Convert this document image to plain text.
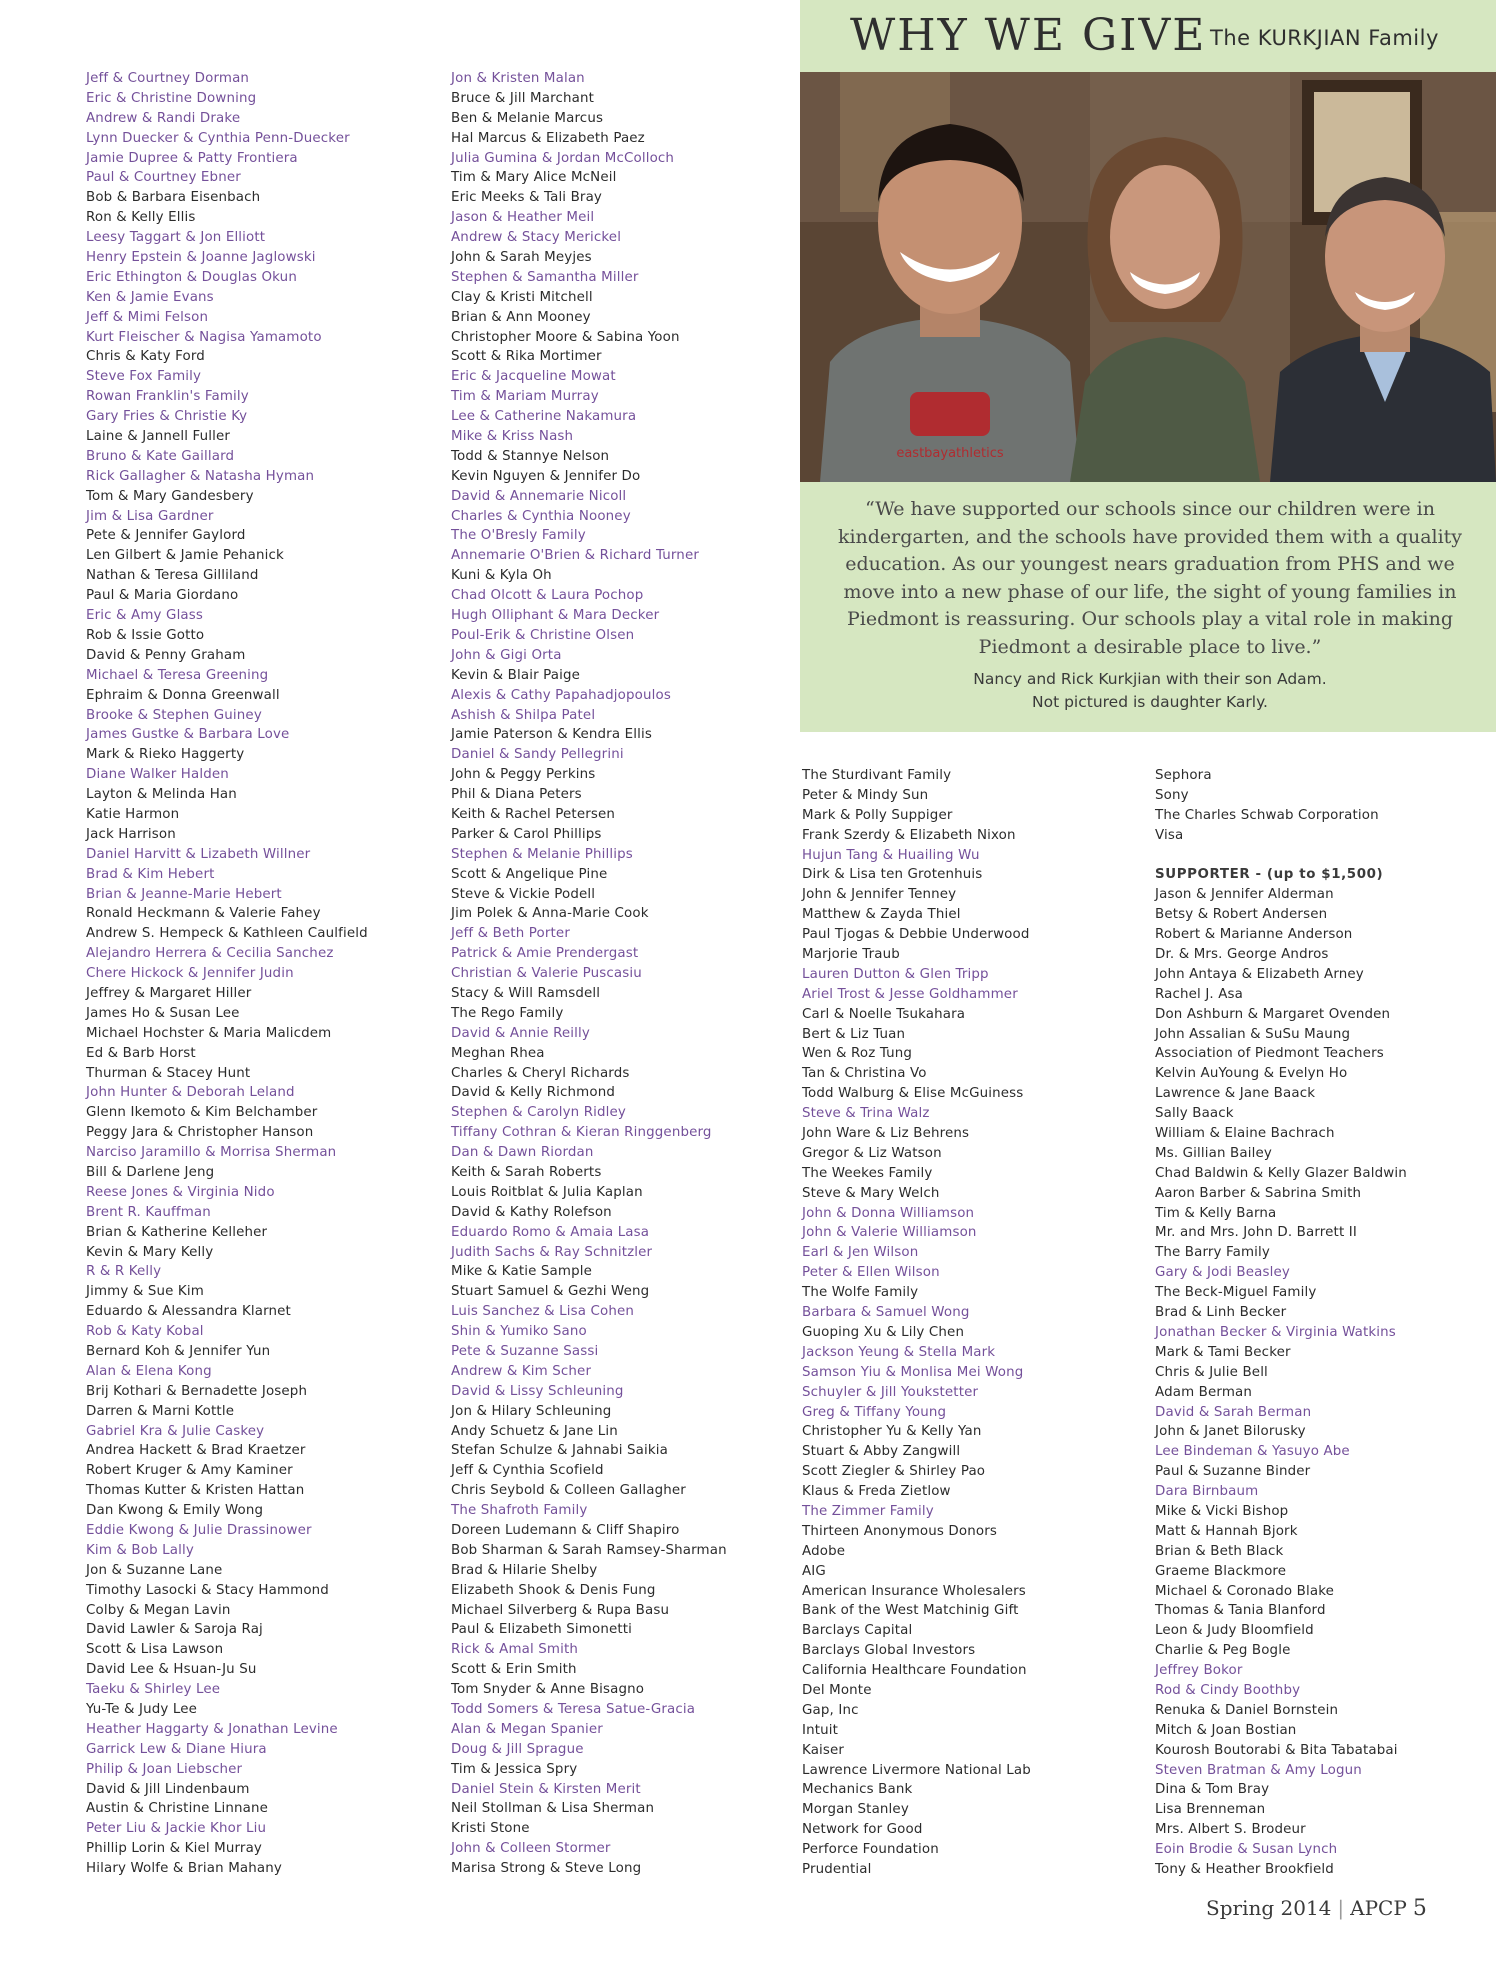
Jeff & Courtney Dorman
Eric & Christine Downing
Andrew & Randi Drake
Lynn Duecker & Cynthia Penn-Duecker
Jamie Dupree & Patty Frontiera
Paul & Courtney Ebner
Bob & Barbara Eisenbach
Ron & Kelly Ellis
Leesy Taggart & Jon Elliott
Henry Epstein & Joanne Jaglowski
Eric Ethington & Douglas Okun
Ken & Jamie Evans
Jeff & Mimi Felson
Kurt Fleischer & Nagisa Yamamoto
Chris & Katy Ford
Steve Fox Family
Rowan Franklin's Family
Gary Fries & Christie Ky
Laine & Jannell Fuller
Bruno & Kate Gaillard
Rick Gallagher & Natasha Hyman
Tom & Mary Gandesbery
Jim & Lisa Gardner
Pete & Jennifer Gaylord
Len Gilbert & Jamie Pehanick
Nathan & Teresa Gilliland
Paul & Maria Giordano
Eric & Amy Glass
Rob & Issie Gotto
David & Penny Graham
Michael & Teresa Greening
Ephraim & Donna Greenwall
Brooke & Stephen Guiney
James Gustke & Barbara Love
Mark & Rieko Haggerty
Diane Walker Halden
Layton & Melinda Han
Katie Harmon
Jack Harrison
Daniel Harvitt & Lizabeth Willner
Brad & Kim Hebert
Brian & Jeanne-Marie Hebert
Ronald Heckmann & Valerie Fahey
Andrew S. Hempeck & Kathleen Caulfield
Alejandro Herrera & Cecilia Sanchez
Chere Hickock & Jennifer Judin
Jeffrey & Margaret Hiller
James Ho & Susan Lee
Michael Hochster & Maria Malicdem
Ed & Barb Horst
Thurman & Stacey Hunt
John Hunter & Deborah Leland
Glenn Ikemoto & Kim Belchamber
Peggy Jara & Christopher Hanson
Narciso Jaramillo & Morrisa Sherman
Bill & Darlene Jeng
Reese Jones & Virginia Nido
Brent R. Kauffman
Brian & Katherine Kelleher
Kevin & Mary Kelly
R & R Kelly
Jimmy & Sue Kim
Eduardo & Alessandra Klarnet
Rob & Katy Kobal
Bernard Koh & Jennifer Yun
Alan & Elena Kong
Brij Kothari & Bernadette Joseph
Darren & Marni Kottle
Gabriel Kra & Julie Caskey
Andrea Hackett & Brad Kraetzer
Robert Kruger & Amy Kaminer
Thomas Kutter & Kristen Hattan
Dan Kwong & Emily Wong
Eddie Kwong & Julie Drassinower
Kim & Bob Lally
Jon & Suzanne Lane
Timothy Lasocki & Stacy Hammond
Colby & Megan Lavin
David Lawler & Saroja Raj
Scott & Lisa Lawson
David Lee & Hsuan-Ju Su
Taeku & Shirley Lee
Yu-Te & Judy Lee
Heather Haggarty & Jonathan Levine
Garrick Lew & Diane Hiura
Philip & Joan Liebscher
David & Jill Lindenbaum
Austin & Christine Linnane
Peter Liu & Jackie Khor Liu
Phillip Lorin & Kiel Murray
Hilary Wolfe & Brian Mahany
Jon & Kristen Malan
Bruce & Jill Marchant
Ben & Melanie Marcus
Hal Marcus & Elizabeth Paez
Julia Gumina & Jordan McColloch
Tim & Mary Alice McNeil
Eric Meeks & Tali Bray
Jason & Heather Meil
Andrew & Stacy Merickel
John & Sarah Meyjes
Stephen & Samantha Miller
Clay & Kristi Mitchell
Brian & Ann Mooney
Christopher Moore & Sabina Yoon
Scott & Rika Mortimer
Eric & Jacqueline Mowat
Tim & Mariam Murray
Lee & Catherine Nakamura
Mike & Kriss Nash
Todd & Stannye Nelson
Kevin Nguyen & Jennifer Do
David & Annemarie Nicoll
Charles & Cynthia Nooney
The O'Bresly Family
Annemarie O'Brien & Richard Turner
Kuni & Kyla Oh
Chad Olcott & Laura Pochop
Hugh Olliphant & Mara Decker
Poul-Erik & Christine Olsen
John & Gigi Orta
Kevin & Blair Paige
Alexis & Cathy Papahadjopoulos
Ashish & Shilpa Patel
Jamie Paterson & Kendra Ellis
Daniel & Sandy Pellegrini
John & Peggy Perkins
Phil & Diana Peters
Keith & Rachel Petersen
Parker & Carol Phillips
Stephen & Melanie Phillips
Scott & Angelique Pine
Steve & Vickie Podell
Jim Polek & Anna-Marie Cook
Jeff & Beth Porter
Patrick & Amie Prendergast
Christian & Valerie Puscasiu
Stacy & Will Ramsdell
The Rego Family
David & Annie Reilly
Meghan Rhea
Charles & Cheryl Richards
David & Kelly Richmond
Stephen & Carolyn Ridley
Tiffany Cothran & Kieran Ringgenberg
Dan & Dawn Riordan
Keith & Sarah Roberts
Louis Roitblat & Julia Kaplan
David & Kathy Rolefson
Eduardo Romo & Amaia Lasa
Judith Sachs & Ray Schnitzler
Mike & Katie Sample
Stuart Samuel & Gezhi Weng
Luis Sanchez & Lisa Cohen
Shin & Yumiko Sano
Pete & Suzanne Sassi
Andrew & Kim Scher
David & Lissy Schleuning
Jon & Hilary Schleuning
Andy Schuetz & Jane Lin
Stefan Schulze & Jahnabi Saikia
Jeff & Cynthia Scofield
Chris Seybold & Colleen Gallagher
The Shafroth Family
Doreen Ludemann & Cliff Shapiro
Bob Sharman & Sarah Ramsey-Sharman
Brad & Hilarie Shelby
Elizabeth Shook & Denis Fung
Michael Silverberg & Rupa Basu
Paul & Elizabeth Simonetti
Rick & Amal Smith
Scott & Erin Smith
Tom Snyder & Anne Bisagno
Todd Somers & Teresa Satue-Gracia
Alan & Megan Spanier
Doug & Jill Sprague
Tim & Jessica Spry
Daniel Stein & Kirsten Merit
Neil Stollman & Lisa Sherman
Kristi Stone
John & Colleen Stormer
Marisa Strong & Steve Long
WHY WE GIVE The KURKJIAN Family
eastbayathletics

“We have supported our schools since our children were in kindergarten, and the schools have provided them with a quality education. As our youngest nears graduation from PHS and we move into a new phase of our life, the sight of young families in Piedmont is reassuring. Our schools play a vital role in making Piedmont a desirable place to live.”

Nancy and Rick Kurkjian with their son Adam.
Not pictured is daughter Karly.
The Sturdivant Family
Peter & Mindy Sun
Mark & Polly Suppiger
Frank Szerdy & Elizabeth Nixon
Hujun Tang & Huailing Wu
Dirk & Lisa ten Grotenhuis
John & Jennifer Tenney
Matthew & Zayda Thiel
Paul Tjogas & Debbie Underwood
Marjorie Traub
Lauren Dutton & Glen Tripp
Ariel Trost & Jesse Goldhammer
Carl & Noelle Tsukahara
Bert & Liz Tuan
Wen & Roz Tung
Tan & Christina Vo
Todd Walburg & Elise McGuiness
Steve & Trina Walz
John Ware & Liz Behrens
Gregor & Liz Watson
The Weekes Family
Steve & Mary Welch
John & Donna Williamson
John & Valerie Williamson
Earl & Jen Wilson
Peter & Ellen Wilson
The Wolfe Family
Barbara & Samuel Wong
Guoping Xu & Lily Chen
Jackson Yeung & Stella Mark
Samson Yiu & Monlisa Mei Wong
Schuyler & Jill Youkstetter
Greg & Tiffany Young
Christopher Yu & Kelly Yan
Stuart & Abby Zangwill
Scott Ziegler & Shirley Pao
Klaus & Freda Zietlow
The Zimmer Family
Thirteen Anonymous Donors
Adobe
AIG
American Insurance Wholesalers
Bank of the West Matchinig Gift
Barclays Capital
Barclays Global Investors
California Healthcare Foundation
Del Monte
Gap, Inc
Intuit
Kaiser
Lawrence Livermore National Lab
Mechanics Bank
Morgan Stanley
Network for Good
Perforce Foundation
Prudential
Sephora
Sony
The Charles Schwab Corporation
Visa
SUPPORTER - (up to $1,500)
Jason & Jennifer Alderman
Betsy & Robert Andersen
Robert & Marianne Anderson
Dr. & Mrs. George Andros
John Antaya & Elizabeth Arney
Rachel J. Asa
Don Ashburn & Margaret Ovenden
John Assalian & SuSu Maung
Association of Piedmont Teachers
Kelvin AuYoung & Evelyn Ho
Lawrence & Jane Baack
Sally Baack
William & Elaine Bachrach
Ms. Gillian Bailey
Chad Baldwin & Kelly Glazer Baldwin
Aaron Barber & Sabrina Smith
Tim & Kelly Barna
Mr. and Mrs. John D. Barrett II
The Barry Family
Gary & Jodi Beasley
The Beck-Miguel Family
Brad & Linh Becker
Jonathan Becker & Virginia Watkins
Mark & Tami Becker
Chris & Julie Bell
Adam Berman
David & Sarah Berman
John & Janet Bilorusky
Lee Bindeman & Yasuyo Abe
Paul & Suzanne Binder
Dara Birnbaum
Mike & Vicki Bishop
Matt & Hannah Bjork
Brian & Beth Black
Graeme Blackmore
Michael & Coronado Blake
Thomas & Tania Blanford
Leon & Judy Bloomfield
Charlie & Peg Bogle
Jeffrey Bokor
Rod & Cindy Boothby
Renuka & Daniel Bornstein
Mitch & Joan Bostian
Kourosh Boutorabi & Bita Tabatabai
Steven Bratman & Amy Logun
Dina & Tom Bray
Lisa Brenneman
Mrs. Albert S. Brodeur
Eoin Brodie & Susan Lynch
Tony & Heather Brookfield
Spring 2014 | APCP 5
